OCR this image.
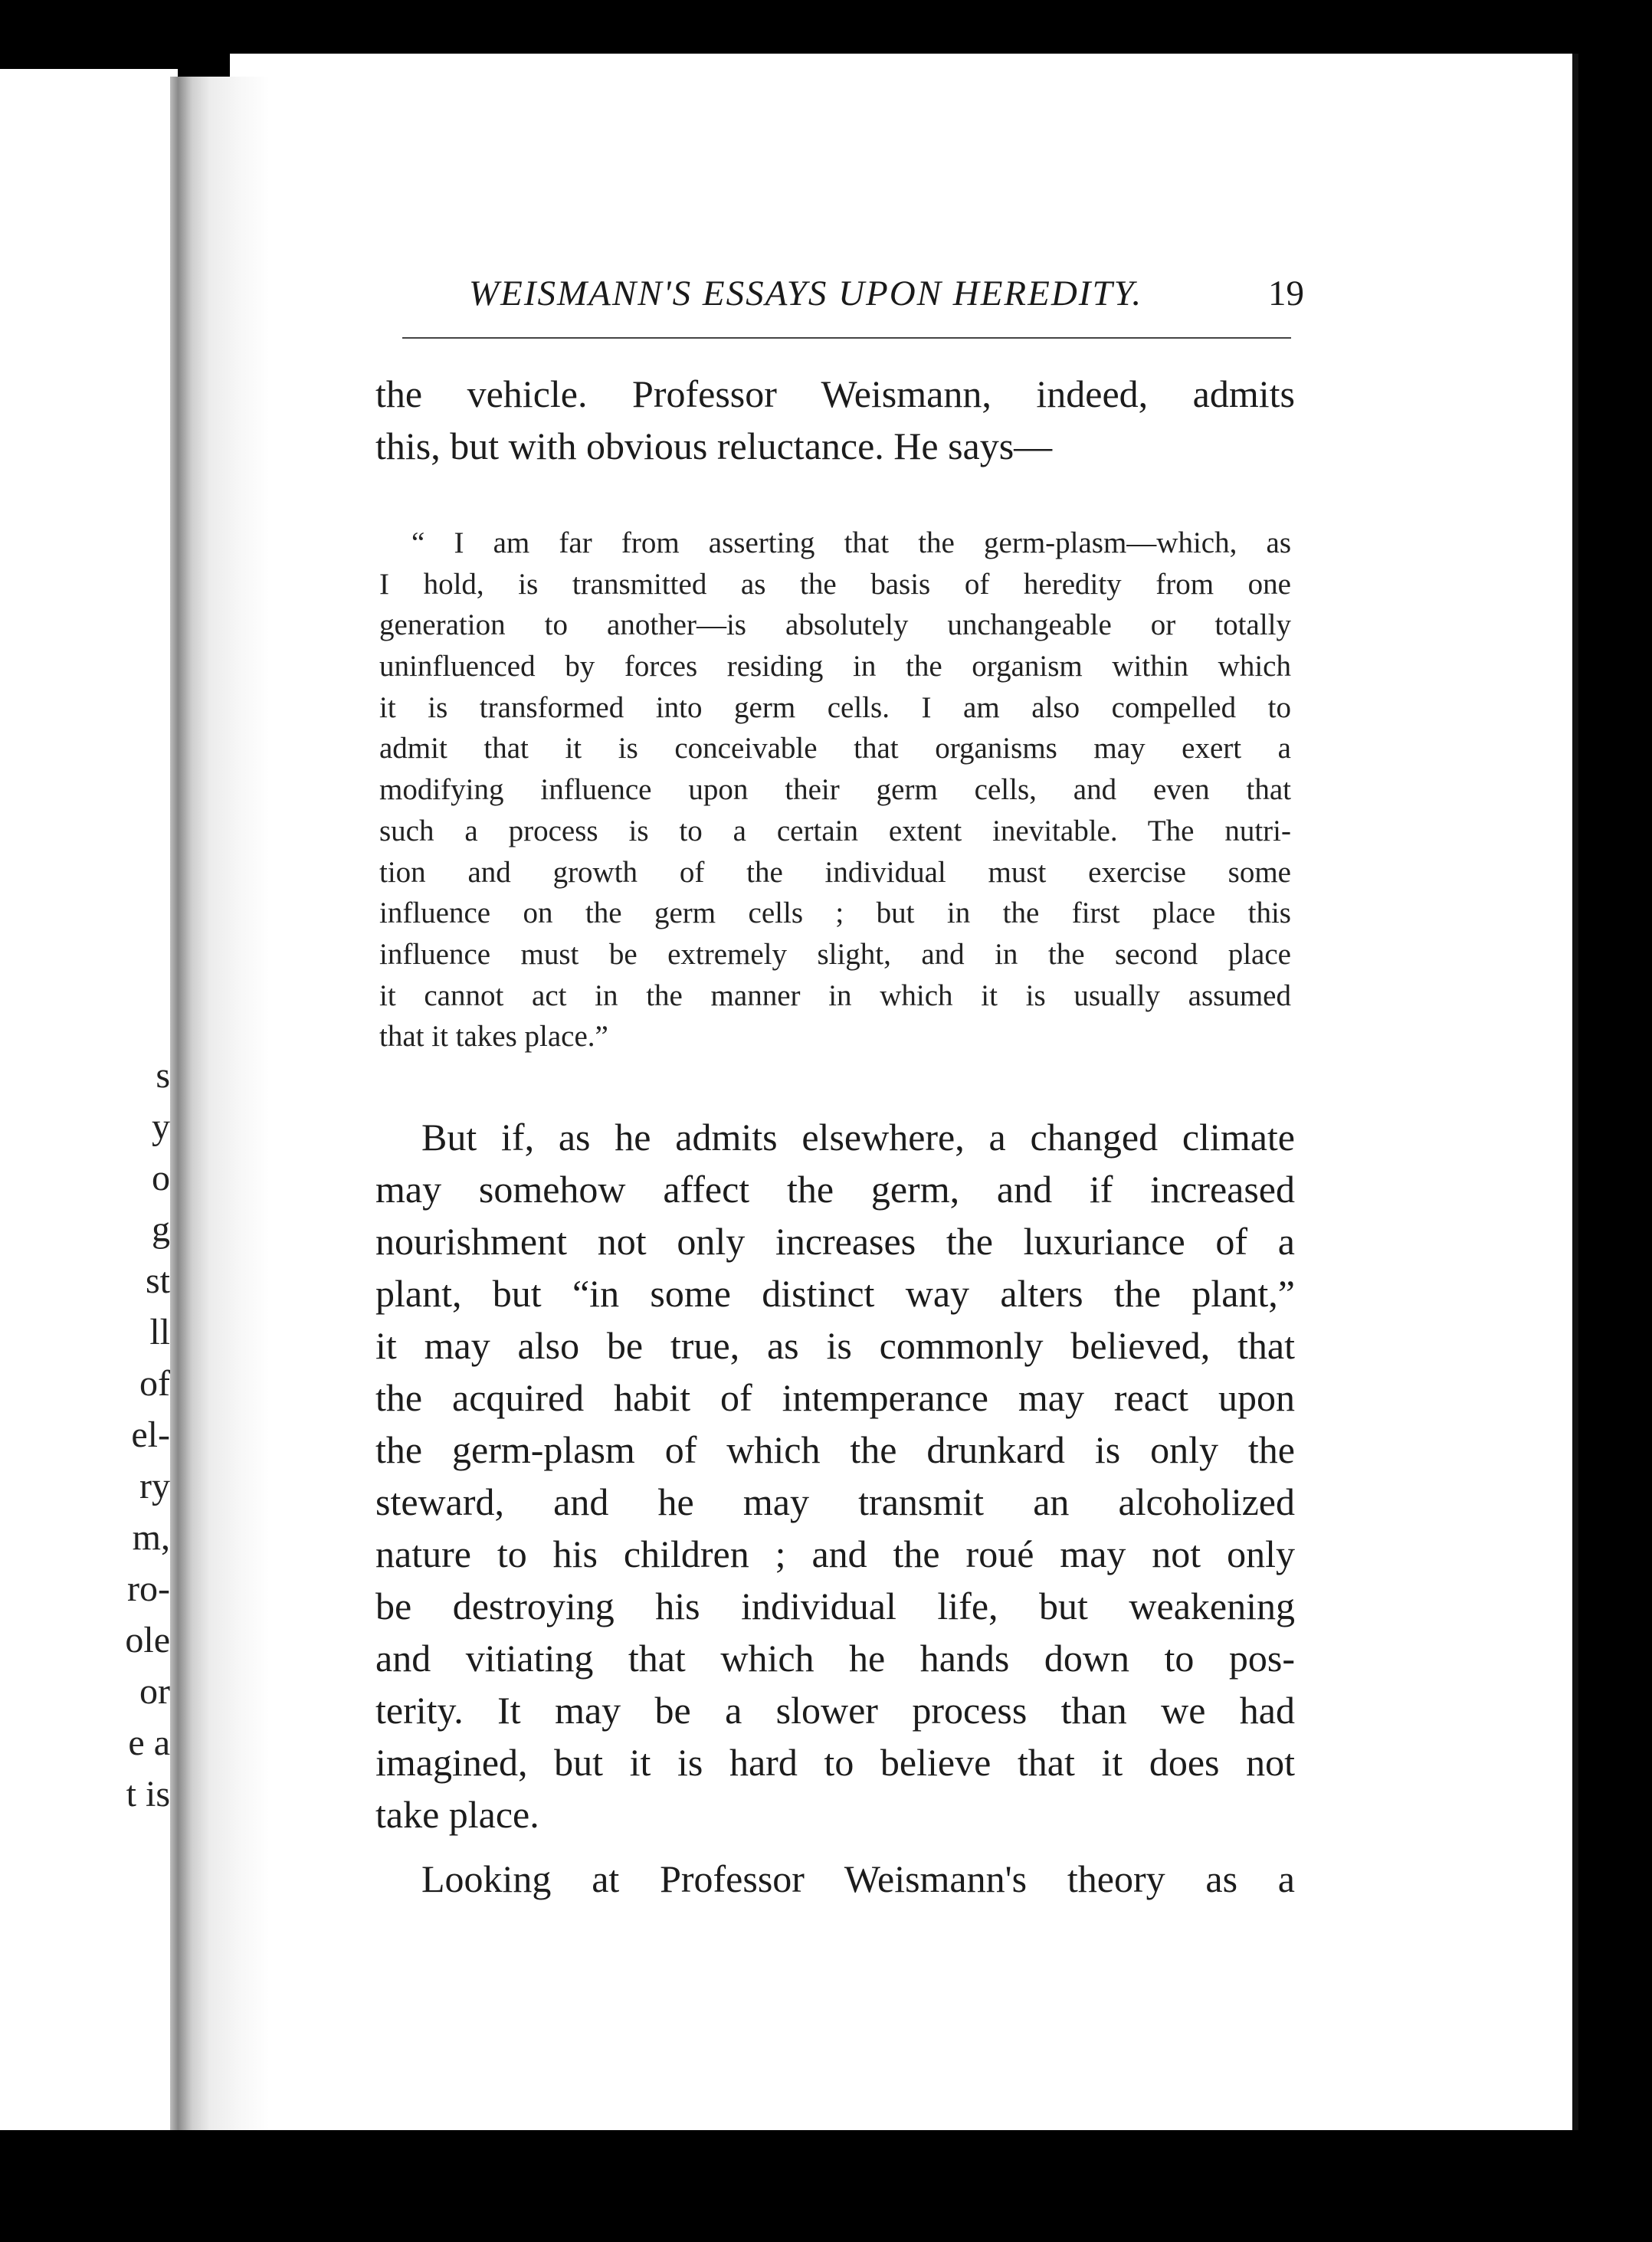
s
y
o
g
st
ll
of
el-
ry
m,
ro-
ole
or
e a
t is
WEISMANN'S ESSAYS UPON HEREDITY.	19
the vehicle. Professor Weismann, indeed, admits
this, but with obvious reluctance. He says—
“ I am far from asserting that the germ-plasm—which, as
I hold, is transmitted as the basis of heredity from one
generation to another—is absolutely unchangeable or totally
uninfluenced by forces residing in the organism within which
it is transformed into germ cells. I am also compelled to
admit that it is conceivable that organisms may exert a
modifying influence upon their germ cells, and even that
such a process is to a certain extent inevitable. The nutri-
tion and growth of the individual must exercise some
influence on the germ cells ; but in the first place this
influence must be extremely slight, and in the second place
it cannot act in the manner in which it is usually assumed
that it takes place.”
But if, as he admits elsewhere, a changed climate
may somehow affect the germ, and if increased
nourishment not only increases the luxuriance of a
plant, but “in some distinct way alters the plant,”
it may also be true, as is commonly believed, that
the acquired habit of intemperance may react upon
the germ-plasm of which the drunkard is only the
steward, and he may transmit an alcoholized
nature to his children ; and the roué may not only
be destroying his individual life, but weakening
and vitiating that which he hands down to pos-
terity. It may be a slower process than we had
imagined, but it is hard to believe that it does not
take place.
Looking at Professor Weismann's theory as a
